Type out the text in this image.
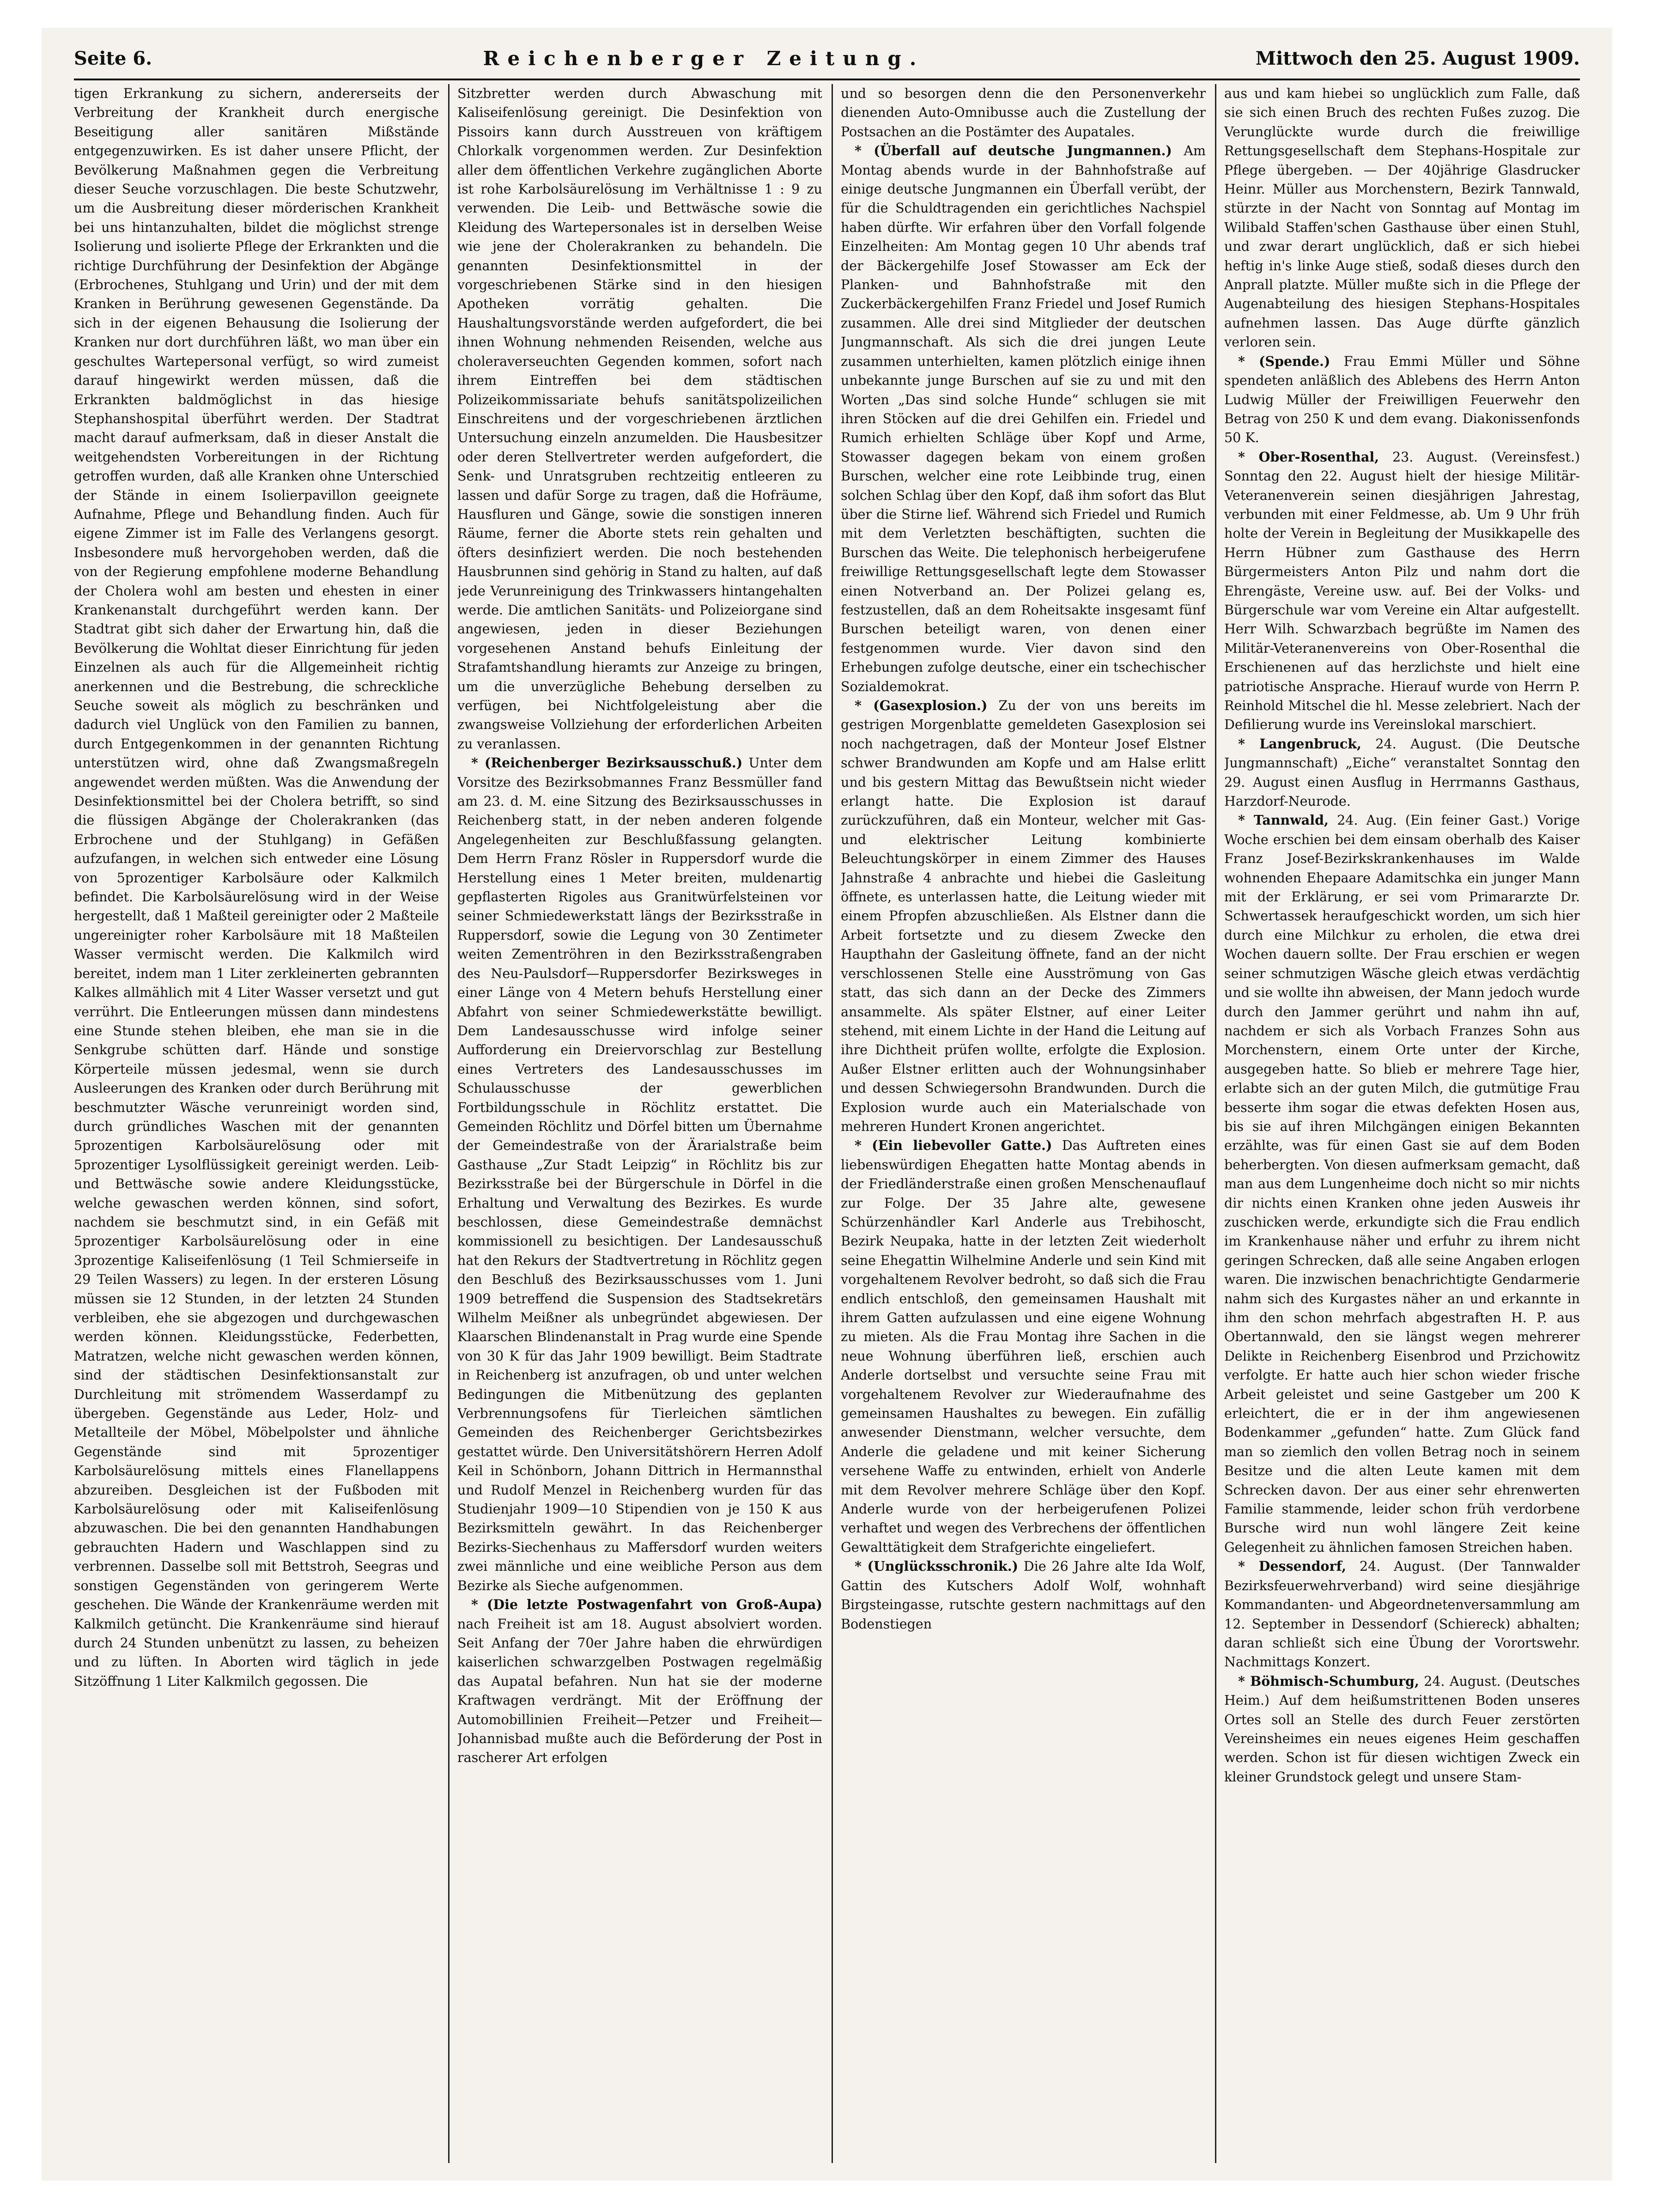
Seite 6.	Reichenberger Zeitung.	Mittwoch den 25. August 1909.

tigen Erkrankung zu sichern, andererseits der Verbreitung der Krankheit durch energische Beseitigung aller sanitären Mißstände entgegenzuwirken. Es ist daher unsere Pflicht, der Bevölkerung Maßnahmen gegen die Verbreitung dieser Seuche vorzuschlagen. Die beste Schutzwehr, um die Ausbreitung dieser mörderischen Krankheit bei uns hintanzuhalten, bildet die möglichst strenge Isolierung und isolierte Pflege der Erkrankten und die richtige Durchführung der Desinfektion der Abgänge (Erbrochenes, Stuhlgang und Urin) und der mit dem Kranken in Berührung gewesenen Gegenstände. Da sich in der eigenen Behausung die Isolierung der Kranken nur dort durchführen läßt, wo man über ein geschultes Wartepersonal verfügt, so wird zumeist darauf hingewirkt werden müssen, daß die Erkrankten baldmöglichst in das hiesige Stephanshospital überführt werden. Der Stadtrat macht darauf aufmerksam, daß in dieser Anstalt die weitgehendsten Vorbereitungen in der Richtung getroffen wurden, daß alle Kranken ohne Unterschied der Stände in einem Isolierpavillon geeignete Aufnahme, Pflege und Behandlung finden. Auch für eigene Zimmer ist im Falle des Verlangens gesorgt. Insbesondere muß hervorgehoben werden, daß die von der Regierung empfohlene moderne Behandlung der Cholera wohl am besten und ehesten in einer Krankenanstalt durchgeführt werden kann. Der Stadtrat gibt sich daher der Erwartung hin, daß die Bevölkerung die Wohltat dieser Einrichtung für jeden Einzelnen als auch für die Allgemeinheit richtig anerkennen und die Bestrebung, die schreckliche Seuche soweit als möglich zu beschränken und dadurch viel Unglück von den Familien zu bannen, durch Entgegenkommen in der genannten Richtung unterstützen wird, ohne daß Zwangsmaßregeln angewendet werden müßten. Was die Anwendung der Desinfektionsmittel bei der Cholera betrifft, so sind die flüssigen Abgänge der Cholerakranken (das Erbrochene und der Stuhlgang) in Gefäßen aufzufangen, in welchen sich entweder eine Lösung von 5prozentiger Karbolsäure oder Kalkmilch befindet. Die Karbolsäurelösung wird in der Weise hergestellt, daß 1 Maßteil gereinigter oder 2 Maßteile ungereinigter roher Karbolsäure mit 18 Maßteilen Wasser vermischt werden. Die Kalkmilch wird bereitet, indem man 1 Liter zerkleinerten gebrannten Kalkes allmählich mit 4 Liter Wasser versetzt und gut verrührt. Die Entleerungen müssen dann mindestens eine Stunde stehen bleiben, ehe man sie in die Senkgrube schütten darf. Hände und sonstige Körperteile müssen jedesmal, wenn sie durch Ausleerungen des Kranken oder durch Berührung mit beschmutzter Wäsche verunreinigt worden sind, durch gründliches Waschen mit der genannten 5prozentigen Karbolsäurelösung oder mit 5prozentiger Lysolflüssigkeit gereinigt werden. Leib- und Bettwäsche sowie andere Kleidungsstücke, welche gewaschen werden können, sind sofort, nachdem sie beschmutzt sind, in ein Gefäß mit 5prozentiger Karbolsäurelösung oder in eine 3prozentige Kaliseifenlösung (1 Teil Schmierseife in 29 Teilen Wassers) zu legen. In der ersteren Lösung müssen sie 12 Stunden, in der letzten 24 Stunden verbleiben, ehe sie abgezogen und durchgewaschen werden können. Kleidungsstücke, Federbetten, Matratzen, welche nicht gewaschen werden können, sind der städtischen Desinfektionsanstalt zur Durchleitung mit strömendem Wasserdampf zu übergeben. Gegenstände aus Leder, Holz- und Metallteile der Möbel, Möbelpolster und ähnliche Gegenstände sind mit 5prozentiger Karbolsäurelösung mittels eines Flanellappens abzureiben. Desgleichen ist der Fußboden mit Karbolsäurelösung oder mit Kaliseifenlösung abzuwaschen. Die bei den genannten Handhabungen gebrauchten Hadern und Waschlappen sind zu verbrennen. Dasselbe soll mit Bettstroh, Seegras und sonstigen Gegenständen von geringerem Werte geschehen. Die Wände der Krankenräume werden mit Kalkmilch getüncht. Die Krankenräume sind hierauf durch 24 Stunden unbenützt zu lassen, zu beheizen und zu lüften. In Aborten wird täglich in jede Sitzöffnung 1 Liter Kalkmilch gegossen. Die

Sitzbretter werden durch Abwaschung mit Kaliseifenlösung gereinigt. Die Desinfektion von Pissoirs kann durch Ausstreuen von kräftigem Chlorkalk vorgenommen werden. Zur Desinfektion aller dem öffentlichen Verkehre zugänglichen Aborte ist rohe Karbolsäurelösung im Verhältnisse 1 : 9 zu verwenden. Die Leib- und Bettwäsche sowie die Kleidung des Wartepersonales ist in derselben Weise wie jene der Cholerakranken zu behandeln. Die genannten Desinfektionsmittel in der vorgeschriebenen Stärke sind in den hiesigen Apotheken vorrätig gehalten. Die Haushaltungsvorstände werden aufgefordert, die bei ihnen Wohnung nehmenden Reisenden, welche aus choleraverseuchten Gegenden kommen, sofort nach ihrem Eintreffen bei dem städtischen Polizeikommissariate behufs sanitätspolizeilichen Einschreitens und der vorgeschriebenen ärztlichen Untersuchung einzeln anzumelden. Die Hausbesitzer oder deren Stellvertreter werden aufgefordert, die Senk- und Unratsgruben rechtzeitig entleeren zu lassen und dafür Sorge zu tragen, daß die Hofräume, Hausfluren und Gänge, sowie die sonstigen inneren Räume, ferner die Aborte stets rein gehalten und öfters desinfiziert werden. Die noch bestehenden Hausbrunnen sind gehörig in Stand zu halten, auf daß jede Verunreinigung des Trinkwassers hintangehalten werde. Die amtlichen Sanitäts- und Polizeiorgane sind angewiesen, jeden in dieser Beziehungen vorgesehenen Anstand behufs Einleitung der Strafamtshandlung hieramts zur Anzeige zu bringen, um die unverzügliche Behebung derselben zu verfügen, bei Nichtfolgeleistung aber die zwangsweise Vollziehung der erforderlichen Arbeiten zu veranlassen.

* (Reichenberger Bezirksausschuß.) Unter dem Vorsitze des Bezirksobmannes Franz Bessmüller fand am 23. d. M. eine Sitzung des Bezirksausschusses in Reichenberg statt, in der neben anderen folgende Angelegenheiten zur Beschlußfassung gelangten. Dem Herrn Franz Rösler in Ruppersdorf wurde die Herstellung eines 1 Meter breiten, muldenartig gepflasterten Rigoles aus Granitwürfelsteinen vor seiner Schmiedewerkstatt längs der Bezirksstraße in Ruppersdorf, sowie die Legung von 30 Zentimeter weiten Zementröhren in den Bezirksstraßengraben des Neu-Paulsdorf—Ruppersdorfer Bezirksweges in einer Länge von 4 Metern behufs Herstellung einer Abfahrt von seiner Schmiedewerkstätte bewilligt. Dem Landesausschusse wird infolge seiner Aufforderung ein Dreiervorschlag zur Bestellung eines Vertreters des Landesausschusses im Schulausschusse der gewerblichen Fortbildungsschule in Röchlitz erstattet. Die Gemeinden Röchlitz und Dörfel bitten um Übernahme der Gemeindestraße von der Ärarialstraße beim Gasthause „Zur Stadt Leipzig“ in Röchlitz bis zur Bezirksstraße bei der Bürgerschule in Dörfel in die Erhaltung und Verwaltung des Bezirkes. Es wurde beschlossen, diese Gemeindestraße demnächst kommissionell zu besichtigen. Der Landesausschuß hat den Rekurs der Stadtvertretung in Röchlitz gegen den Beschluß des Bezirksausschusses vom 1. Juni 1909 betreffend die Suspension des Stadtsekretärs Wilhelm Meißner als unbegründet abgewiesen. Der Klaarschen Blindenanstalt in Prag wurde eine Spende von 30 K für das Jahr 1909 bewilligt. Beim Stadtrate in Reichenberg ist anzufragen, ob und unter welchen Bedingungen die Mitbenützung des geplanten Verbrennungsofens für Tierleichen sämtlichen Gemeinden des Reichenberger Gerichtsbezirkes gestattet würde. Den Universitätshörern Herren Adolf Keil in Schönborn, Johann Dittrich in Hermannsthal und Rudolf Menzel in Reichenberg wurden für das Studienjahr 1909—10 Stipendien von je 150 K aus Bezirksmitteln gewährt. In das Reichenberger Bezirks-Siechenhaus zu Maffersdorf wurden weiters zwei männliche und eine weibliche Person aus dem Bezirke als Sieche aufgenommen.

* (Die letzte Postwagenfahrt von Groß-Aupa) nach Freiheit ist am 18. August absolviert worden. Seit Anfang der 70er Jahre haben die ehrwürdigen kaiserlichen schwarzgelben Postwagen regelmäßig das Aupatal befahren. Nun hat sie der moderne Kraftwagen verdrängt. Mit der Eröffnung der Automobillinien Freiheit—Petzer und Freiheit—Johannisbad mußte auch die Beförderung der Post in rascherer Art erfolgen

und so besorgen denn die den Personenverkehr dienenden Auto-Omnibusse auch die Zustellung der Postsachen an die Postämter des Aupatales.

* (Überfall auf deutsche Jungmannen.) Am Montag abends wurde in der Bahnhofstraße auf einige deutsche Jungmannen ein Überfall verübt, der für die Schuldtragenden ein gerichtliches Nachspiel haben dürfte. Wir erfahren über den Vorfall folgende Einzelheiten: Am Montag gegen 10 Uhr abends traf der Bäckergehilfe Josef Stowasser am Eck der Planken- und Bahnhofstraße mit den Zuckerbäckergehilfen Franz Friedel und Josef Rumich zusammen. Alle drei sind Mitglieder der deutschen Jungmannschaft. Als sich die drei jungen Leute zusammen unterhielten, kamen plötzlich einige ihnen unbekannte junge Burschen auf sie zu und mit den Worten „Das sind solche Hunde“ schlugen sie mit ihren Stöcken auf die drei Gehilfen ein. Friedel und Rumich erhielten Schläge über Kopf und Arme, Stowasser dagegen bekam von einem großen Burschen, welcher eine rote Leibbinde trug, einen solchen Schlag über den Kopf, daß ihm sofort das Blut über die Stirne lief. Während sich Friedel und Rumich mit dem Verletzten beschäftigten, suchten die Burschen das Weite. Die telephonisch herbeigerufene freiwillige Rettungsgesellschaft legte dem Stowasser einen Notverband an. Der Polizei gelang es, festzustellen, daß an dem Roheitsakte insgesamt fünf Burschen beteiligt waren, von denen einer festgenommen wurde. Vier davon sind den Erhebungen zufolge deutsche, einer ein tschechischer Sozialdemokrat.

* (Gasexplosion.) Zu der von uns bereits im gestrigen Morgenblatte gemeldeten Gasexplosion sei noch nachgetragen, daß der Monteur Josef Elstner schwer Brandwunden am Kopfe und am Halse erlitt und bis gestern Mittag das Bewußtsein nicht wieder erlangt hatte. Die Explosion ist darauf zurückzuführen, daß ein Monteur, welcher mit Gas- und elektrischer Leitung kombinierte Beleuchtungskörper in einem Zimmer des Hauses Jahnstraße 4 anbrachte und hiebei die Gasleitung öffnete, es unterlassen hatte, die Leitung wieder mit einem Pfropfen abzuschließen. Als Elstner dann die Arbeit fortsetzte und zu diesem Zwecke den Haupthahn der Gasleitung öffnete, fand an der nicht verschlossenen Stelle eine Ausströmung von Gas statt, das sich dann an der Decke des Zimmers ansammelte. Als später Elstner, auf einer Leiter stehend, mit einem Lichte in der Hand die Leitung auf ihre Dichtheit prüfen wollte, erfolgte die Explosion. Außer Elstner erlitten auch der Wohnungsinhaber und dessen Schwiegersohn Brandwunden. Durch die Explosion wurde auch ein Materialschade von mehreren Hundert Kronen angerichtet.

* (Ein liebevoller Gatte.) Das Auftreten eines liebenswürdigen Ehegatten hatte Montag abends in der Friedländerstraße einen großen Menschenauflauf zur Folge. Der 35 Jahre alte, gewesene Schürzenhändler Karl Anderle aus Trebihoscht, Bezirk Neupaka, hatte in der letzten Zeit wiederholt seine Ehegattin Wilhelmine Anderle und sein Kind mit vorgehaltenem Revolver bedroht, so daß sich die Frau endlich entschloß, den gemeinsamen Haushalt mit ihrem Gatten aufzulassen und eine eigene Wohnung zu mieten. Als die Frau Montag ihre Sachen in die neue Wohnung überführen ließ, erschien auch Anderle dortselbst und versuchte seine Frau mit vorgehaltenem Revolver zur Wiederaufnahme des gemeinsamen Haushaltes zu bewegen. Ein zufällig anwesender Dienstmann, welcher versuchte, dem Anderle die geladene und mit keiner Sicherung versehene Waffe zu entwinden, erhielt von Anderle mit dem Revolver mehrere Schläge über den Kopf. Anderle wurde von der herbeigerufenen Polizei verhaftet und wegen des Verbrechens der öffentlichen Gewalttätigkeit dem Strafgerichte eingeliefert.

* (Unglücksschronik.) Die 26 Jahre alte Ida Wolf, Gattin des Kutschers Adolf Wolf, wohnhaft Birgsteingasse, rutschte gestern nachmittags auf den Bodenstiegen

aus und kam hiebei so unglücklich zum Falle, daß sie sich einen Bruch des rechten Fußes zuzog. Die Verunglückte wurde durch die freiwillige Rettungsgesellschaft dem Stephans-Hospitale zur Pflege übergeben. — Der 40jährige Glasdrucker Heinr. Müller aus Morchenstern, Bezirk Tannwald, stürzte in der Nacht von Sonntag auf Montag im Wilibald Staffen'schen Gasthause über einen Stuhl, und zwar derart unglücklich, daß er sich hiebei heftig in's linke Auge stieß, sodaß dieses durch den Anprall platzte. Müller mußte sich in die Pflege der Augenabteilung des hiesigen Stephans-Hospitales aufnehmen lassen. Das Auge dürfte gänzlich verloren sein.

* (Spende.) Frau Emmi Müller und Söhne spendeten anläßlich des Ablebens des Herrn Anton Ludwig Müller der Freiwilligen Feuerwehr den Betrag von 250 K und dem evang. Diakonissenfonds 50 K.

* Ober-Rosenthal, 23. August. (Vereinsfest.) Sonntag den 22. August hielt der hiesige Militär-Veteranenverein seinen diesjährigen Jahrestag, verbunden mit einer Feldmesse, ab. Um 9 Uhr früh holte der Verein in Begleitung der Musikkapelle des Herrn Hübner zum Gasthause des Herrn Bürgermeisters Anton Pilz und nahm dort die Ehrengäste, Vereine usw. auf. Bei der Volks- und Bürgerschule war vom Vereine ein Altar aufgestellt. Herr Wilh. Schwarzbach begrüßte im Namen des Militär-Veteranenvereins von Ober-Rosenthal die Erschienenen auf das herzlichste und hielt eine patriotische Ansprache. Hierauf wurde von Herrn P. Reinhold Mitschel die hl. Messe zelebriert. Nach der Defilierung wurde ins Vereinslokal marschiert.

* Langenbruck, 24. August. (Die Deutsche Jungmannschaft) „Eiche“ veranstaltet Sonntag den 29. August einen Ausflug in Herrmanns Gasthaus, Harzdorf-Neurode.

* Tannwald, 24. Aug. (Ein feiner Gast.) Vorige Woche erschien bei dem einsam oberhalb des Kaiser Franz Josef-Bezirkskrankenhauses im Walde wohnenden Ehepaare Adamitschka ein junger Mann mit der Erklärung, er sei vom Primararzte Dr. Schwertassek heraufgeschickt worden, um sich hier durch eine Milchkur zu erholen, die etwa drei Wochen dauern sollte. Der Frau erschien er wegen seiner schmutzigen Wäsche gleich etwas verdächtig und sie wollte ihn abweisen, der Mann jedoch wurde durch den Jammer gerührt und nahm ihn auf, nachdem er sich als Vorbach Franzes Sohn aus Morchenstern, einem Orte unter der Kirche, ausgegeben hatte. So blieb er mehrere Tage hier, erlabte sich an der guten Milch, die gutmütige Frau besserte ihm sogar die etwas defekten Hosen aus, bis sie auf ihren Milchgängen einigen Bekannten erzählte, was für einen Gast sie auf dem Boden beherbergten. Von diesen aufmerksam gemacht, daß man aus dem Lungenheime doch nicht so mir nichts dir nichts einen Kranken ohne jeden Ausweis ihr zuschicken werde, erkundigte sich die Frau endlich im Krankenhause näher und erfuhr zu ihrem nicht geringen Schrecken, daß alle seine Angaben erlogen waren. Die inzwischen benachrichtigte Gendarmerie nahm sich des Kurgastes näher an und erkannte in ihm den schon mehrfach abgestraften H. P. aus Obertannwald, den sie längst wegen mehrerer Delikte in Reichenberg Eisenbrod und Przichowitz verfolgte. Er hatte auch hier schon wieder frische Arbeit geleistet und seine Gastgeber um 200 K erleichtert, die er in der ihm angewiesenen Bodenkammer „gefunden“ hatte. Zum Glück fand man so ziemlich den vollen Betrag noch in seinem Besitze und die alten Leute kamen mit dem Schrecken davon. Der aus einer sehr ehrenwerten Familie stammende, leider schon früh verdorbene Bursche wird nun wohl längere Zeit keine Gelegenheit zu ähnlichen famosen Streichen haben.

* Dessendorf, 24. August. (Der Tannwalder Bezirksfeuerwehrverband) wird seine diesjährige Kommandanten- und Abgeordnetenversammlung am 12. September in Dessendorf (Schiereck) abhalten; daran schließt sich eine Übung der Vorortswehr. Nachmittags Konzert.

* Böhmisch-Schumburg, 24. August. (Deutsches Heim.) Auf dem heißumstrittenen Boden unseres Ortes soll an Stelle des durch Feuer zerstörten Vereinsheimes ein neues eigenes Heim geschaffen werden. Schon ist für diesen wichtigen Zweck ein kleiner Grundstock gelegt und unsere Stam-
